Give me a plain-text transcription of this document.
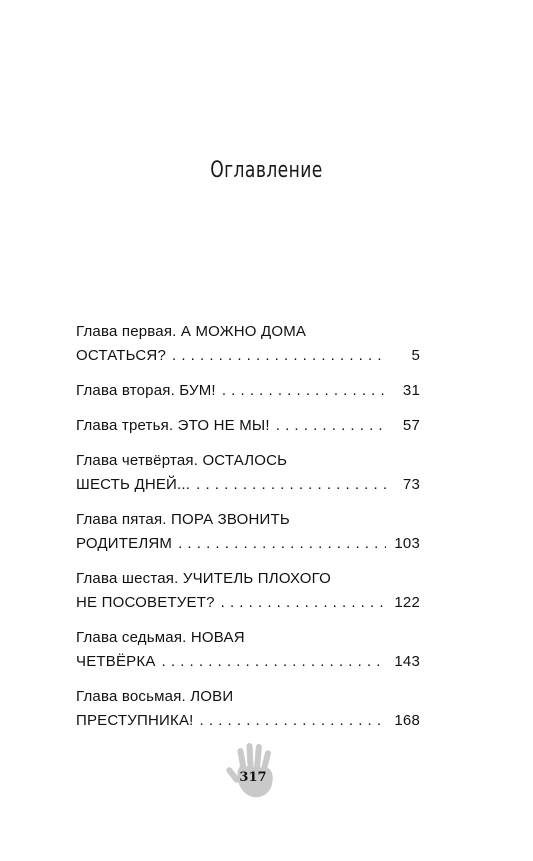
Оглавление
Глава первая. А МОЖНО ДОМА
ОСТАТЬСЯ? . . .	5
Глава вторая. БУМ! . . .	31
Глава третья. ЭТО НЕ МЫ! . . .	57
Глава четвёртая. ОСТАЛОСЬ
ШЕСТЬ ДНЕЙ... . . .	73
Глава пятая. ПОРА ЗВОНИТЬ
РОДИТЕЛЯМ . . .	103
Глава шестая. УЧИТЕЛЬ ПЛОХОГО
НЕ ПОСОВЕТУЕТ? . . .	122
Глава седьмая. НОВАЯ
ЧЕТВЁРКА . . .	143
Глава восьмая. ЛОВИ
ПРЕСТУПНИКА! . . .	168
317
